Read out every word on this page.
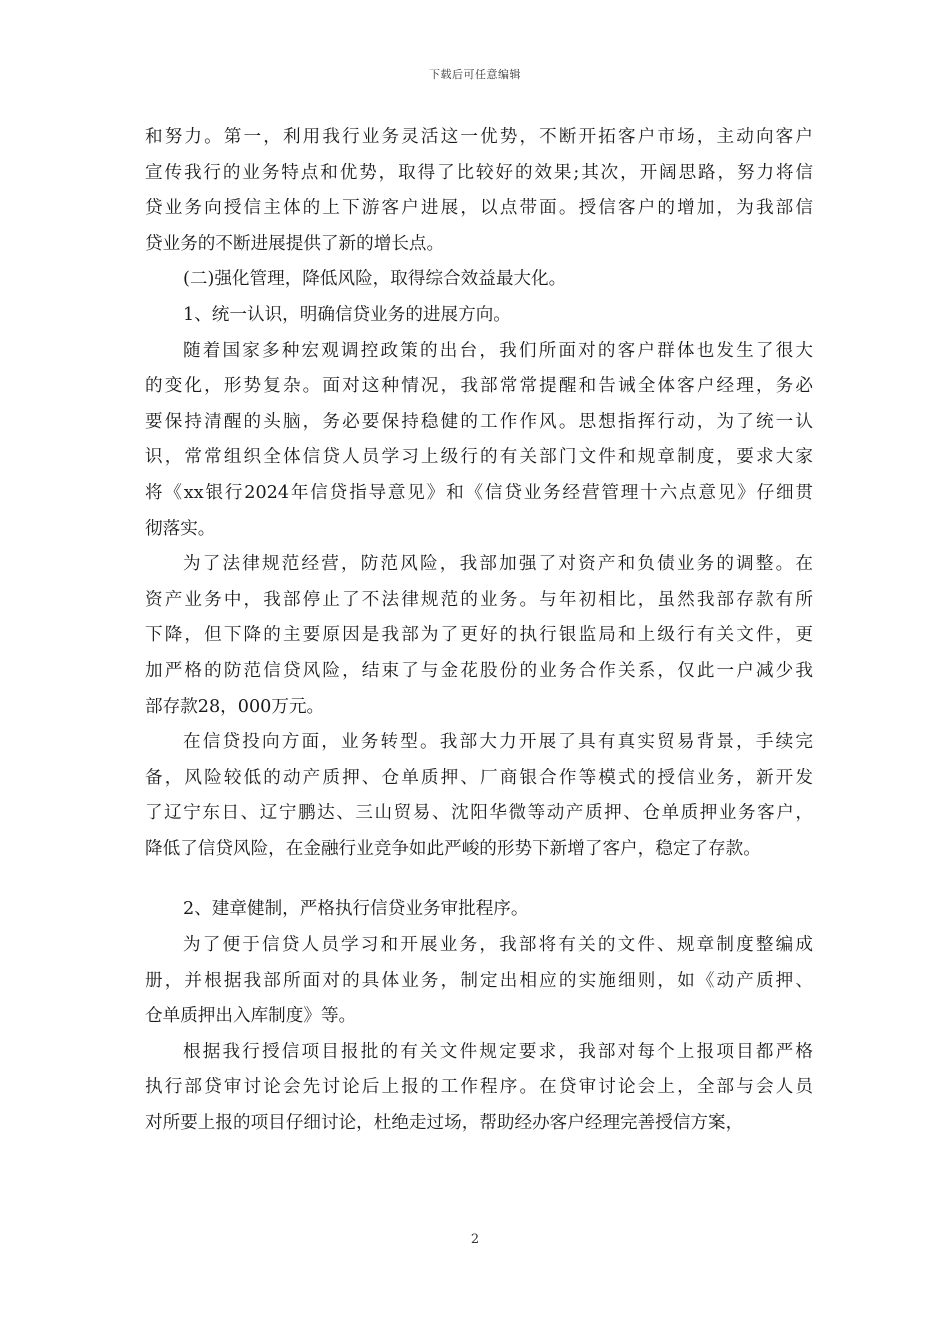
下载后可任意编辑
和努力。第一，利用我行业务灵活这一优势，不断开拓客户市场，主动向客户
宣传我行的业务特点和优势，取得了比较好的效果;其次，开阔思路，努力将信
贷业务向授信主体的上下游客户进展，以点带面。授信客户的增加，为我部信
贷业务的不断进展提供了新的增长点。
(二)强化管理，降低风险，取得综合效益最大化。
1、统一认识，明确信贷业务的进展方向。
随着国家多种宏观调控政策的出台，我们所面对的客户群体也发生了很大
的变化，形势复杂。面对这种情况，我部常常提醒和告诫全体客户经理，务必
要保持清醒的头脑，务必要保持稳健的工作作风。思想指挥行动，为了统一认
识，常常组织全体信贷人员学习上级行的有关部门文件和规章制度，要求大家
将《xx银行2024年信贷指导意见》和《信贷业务经营管理十六点意见》仔细贯
彻落实。
为了法律规范经营，防范风险，我部加强了对资产和负债业务的调整。在
资产业务中，我部停止了不法律规范的业务。与年初相比，虽然我部存款有所
下降，但下降的主要原因是我部为了更好的执行银监局和上级行有关文件，更
加严格的防范信贷风险，结束了与金花股份的业务合作关系，仅此一户减少我
部存款28，000万元。
在信贷投向方面，业务转型。我部大力开展了具有真实贸易背景，手续完
备，风险较低的动产质押、仓单质押、厂商银合作等模式的授信业务，新开发
了辽宁东日、辽宁鹏达、三山贸易、沈阳华微等动产质押、仓单质押业务客户，
降低了信贷风险，在金融行业竞争如此严峻的形势下新增了客户，稳定了存款。
2、建章健制，严格执行信贷业务审批程序。
为了便于信贷人员学习和开展业务，我部将有关的文件、规章制度整编成
册，并根据我部所面对的具体业务，制定出相应的实施细则，如《动产质押、
仓单质押出入库制度》等。
根据我行授信项目报批的有关文件规定要求，我部对每个上报项目都严格
执行部贷审讨论会先讨论后上报的工作程序。在贷审讨论会上，全部与会人员
对所要上报的项目仔细讨论，杜绝走过场，帮助经办客户经理完善授信方案，
2
